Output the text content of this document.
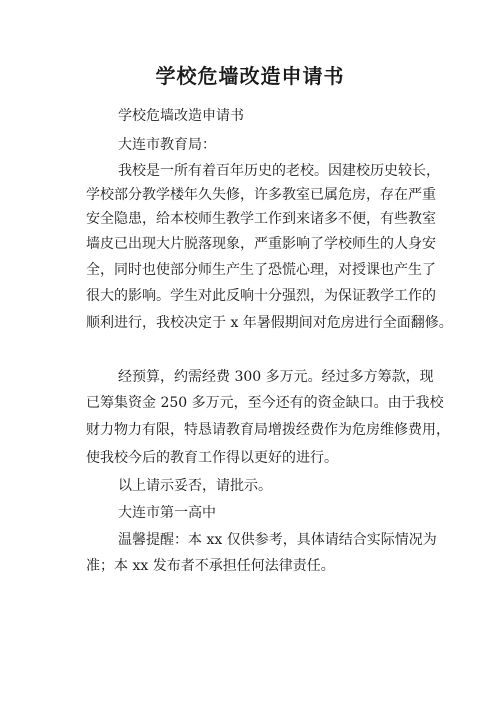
学校危墙改造申请书
学校危墙改造申请书
大连市教育局：
我校是一所有着百年历史的老校。因建校历史较长，
学校部分教学楼年久失修，许多教室已属危房，存在严重
安全隐患，给本校师生教学工作到来诸多不便，有些教室
墙皮已出现大片脱落现象，严重影响了学校师生的人身安
全，同时也使部分师生产生了恐慌心理，对授课也产生了
很大的影响。学生对此反响十分强烈，为保证教学工作的
顺利进行，我校决定于 x 年暑假期间对危房进行全面翻修。
经预算，约需经费 300 多万元。经过多方筹款，现
已筹集资金 250 多万元，至今还有的资金缺口。由于我校
财力物力有限，特恳请教育局增拨经费作为危房维修费用，
使我校今后的教育工作得以更好的进行。
以上请示妥否，请批示。
大连市第一高中
温馨提醒：本 xx 仅供参考，具体请结合实际情况为
准；本 xx 发布者不承担任何法律责任。
